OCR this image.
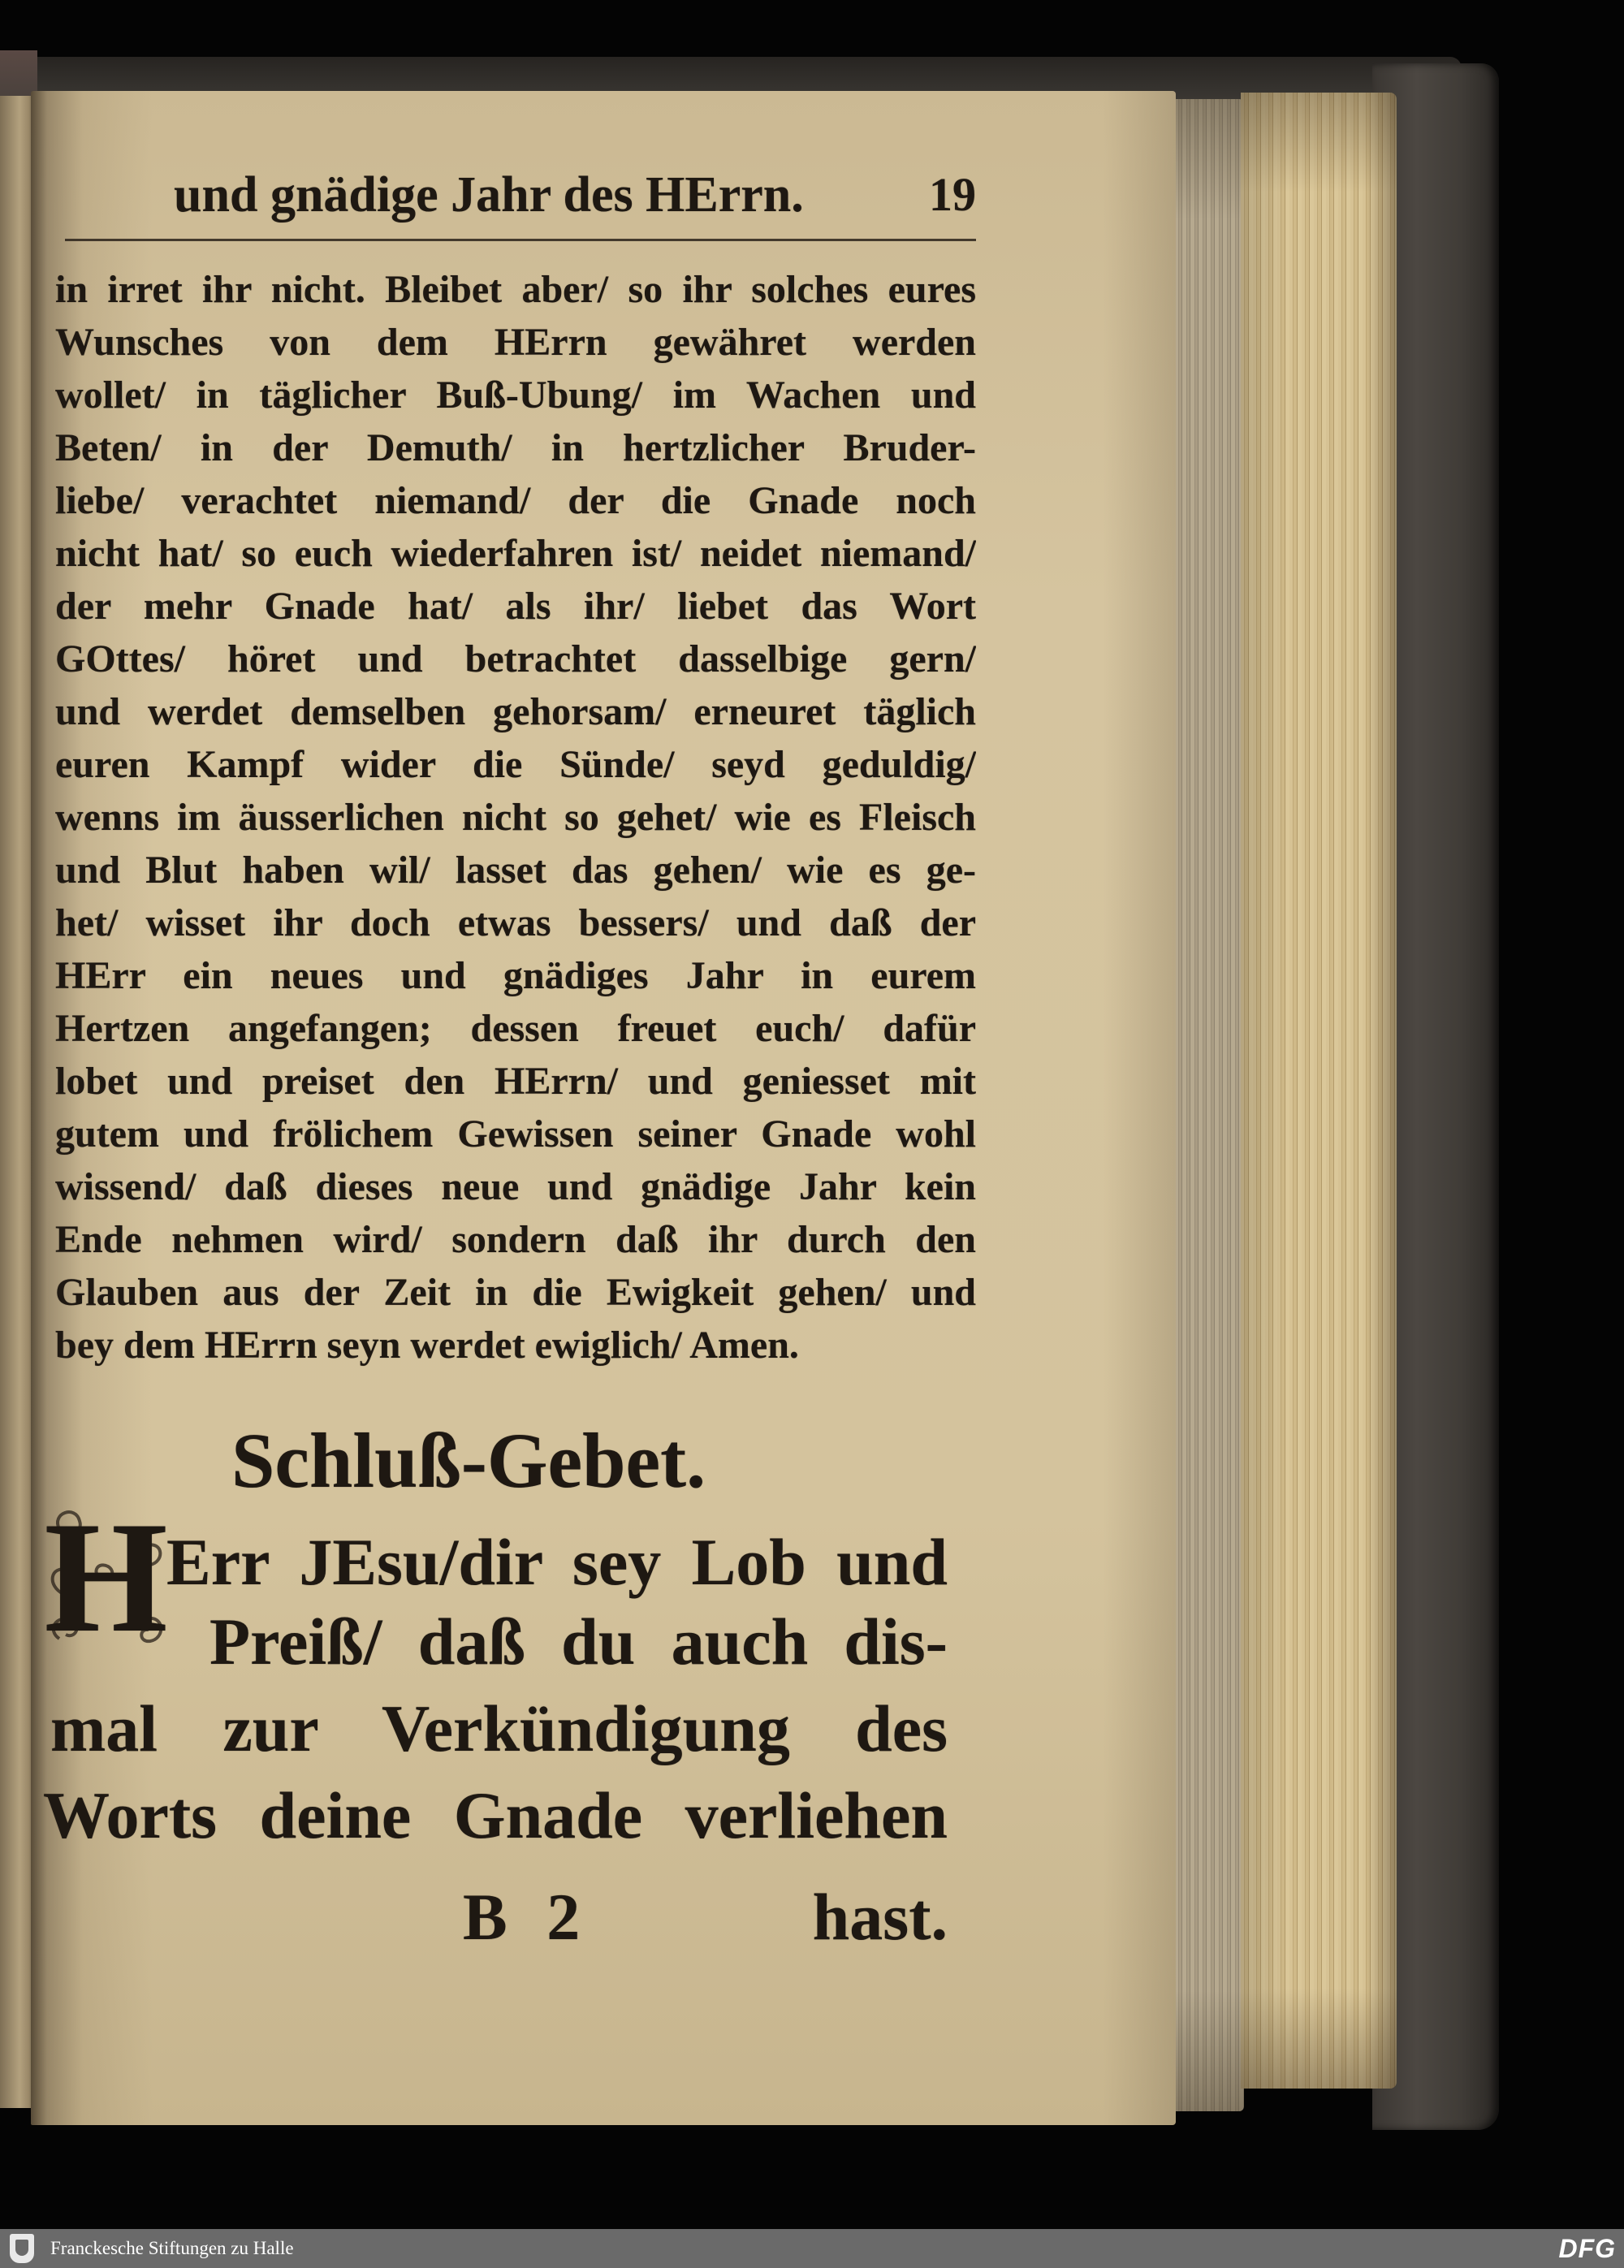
und gnädige Jahr des HErrn.	19
in irret ihr nicht. Bleibet aber/ so ihr solches eures
Wunsches von dem HErrn gewähret werden
wollet/ in täglicher Buß-Ubung/ im Wachen und
Beten/ in der Demuth/ in hertzlicher Bruder-
liebe/ verachtet niemand/ der die Gnade noch
nicht hat/ so euch wiederfahren ist/ neidet niemand/
der mehr Gnade hat/ als ihr/ liebet das Wort
GOttes/ höret und betrachtet dasselbige gern/
und werdet demselben gehorsam/ erneuret täglich
euren Kampf wider die Sünde/ seyd geduldig/
wenns im äusserlichen nicht so gehet/ wie es Fleisch
und Blut haben wil/ lasset das gehen/ wie es ge-
het/ wisset ihr doch etwas bessers/ und daß der
HErr ein neues und gnädiges Jahr in eurem
Hertzen angefangen; dessen freuet euch/ dafür
lobet und preiset den HErrn/ und geniesset mit
gutem und frölichem Gewissen seiner Gnade wohl
wissend/ daß dieses neue und gnädige Jahr kein
Ende nehmen wird/ sondern daß ihr durch den
Glauben aus der Zeit in die Ewigkeit gehen/ und
bey dem HErrn seyn werdet ewiglich/ Amen.
Schluß-Gebet.
H
Err JEsu/dir sey Lob und
Preiß/ daß du auch dis-
mal zur Verkündigung des
Worts deine Gnade verliehen
B 2	hast.
Franckesche Stiftungen zu Halle	DFG
